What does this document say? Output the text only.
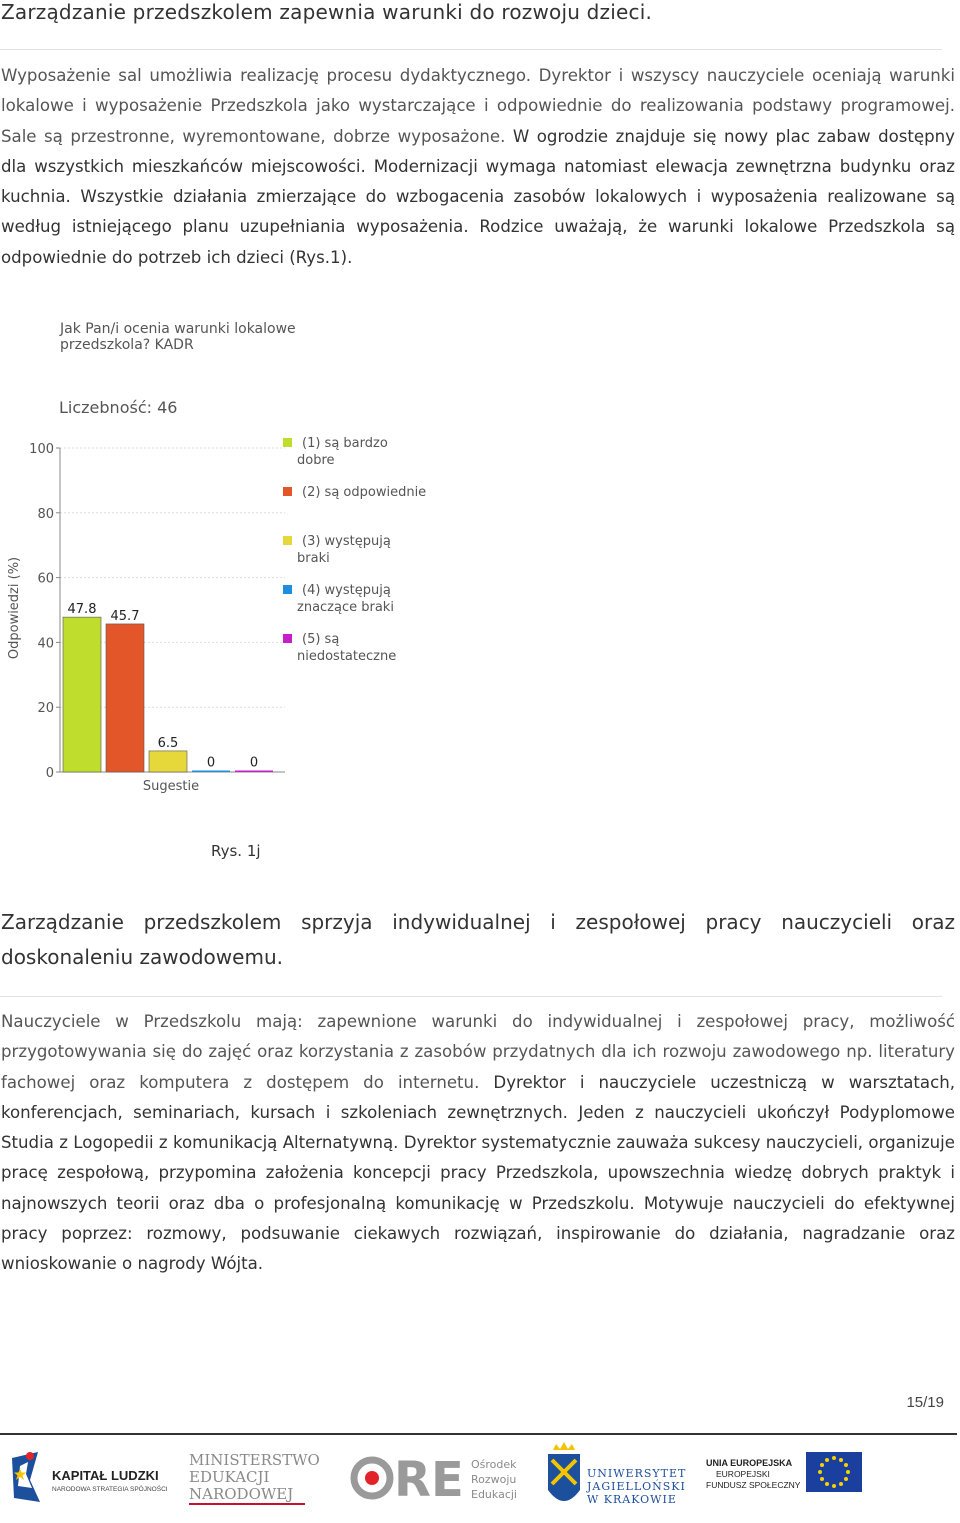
Zarządzanie przedszkolem zapewnia warunki do rozwoju dzieci.
Wyposażenie sal umożliwia realizację procesu dydaktycznego. Dyrektor i wszyscy nauczyciele oceniają warunki lokalowe i wyposażenie Przedszkola jako wystarczające i odpowiednie do realizowania podstawy programowej. Sale są przestronne, wyremontowane, dobrze wyposażone. W ogrodzie znajduje się nowy plac zabaw dostępny dla wszystkich mieszkańców miejscowości. Modernizacji wymaga natomiast elewacja zewnętrzna budynku oraz kuchnia. Wszystkie działania zmierzające do wzbogacenia zasobów lokalowych i wyposażenia realizowane są według istniejącego planu uzupełniania wyposażenia. Rodzice uważają, że warunki lokalowe Przedszkola są odpowiednie do potrzeb ich dzieci (Rys.1).
Jak Pan/i ocenia warunki lokalowe
przedszkola? KADR
Liczebność: 46
Odpowiedzi (%)
0
20
40
60
80
100
47.8 45.7
6.5
0	0
Sugestie
(1) są bardzo
dobre
(2) są odpowiednie
(3) występują
braki
(4) występują
znaczące braki
(5) są
niedostateczne
Rys. 1j
Zarządzanie przedszkolem sprzyja indywidualnej i zespołowej pracy nauczycieli oraz
doskonaleniu zawodowemu.
Nauczyciele w Przedszkolu mają: zapewnione warunki do indywidualnej i zespołowej pracy, możliwość przygotowywania się do zajęć oraz korzystania z zasobów przydatnych dla ich rozwoju zawodowego np. literatury fachowej oraz komputera z dostępem do internetu. Dyrektor i nauczyciele uczestniczą w warsztatach, konferencjach, seminariach, kursach i szkoleniach zewnętrznych. Jeden z nauczycieli ukończył Podyplomowe Studia z Logopedii z komunikacją Alternatywną. Dyrektor systematycznie zauważa sukcesy nauczycieli, organizuje pracę zespołową, przypomina założenia koncepcji pracy Przedszkola, upowszechnia wiedzę dobrych praktyk i najnowszych teorii oraz dba o profesjonalną komunikację w Przedszkolu. Motywuje nauczycieli do efektywnej pracy poprzez: rozmowy, podsuwanie ciekawych rozwiązań, inspirowanie do działania, nagradzanie oraz wnioskowanie o nagrody Wójta.
15/19
KAPITAŁ LUDZKI
NARODOWA STRATEGIA SPÓJNOŚCI
MINISTERSTWO
EDUKACJI
NARODOWEJ RE Ośrodek
Rozwoju
Edukacji
UNIWERSYTET
JAGIELLOŃSKI
W KRAKOWIE
UNIA EUROPEJSKA
EUROPEJSKI
FUNDUSZ SPOŁECZNY
